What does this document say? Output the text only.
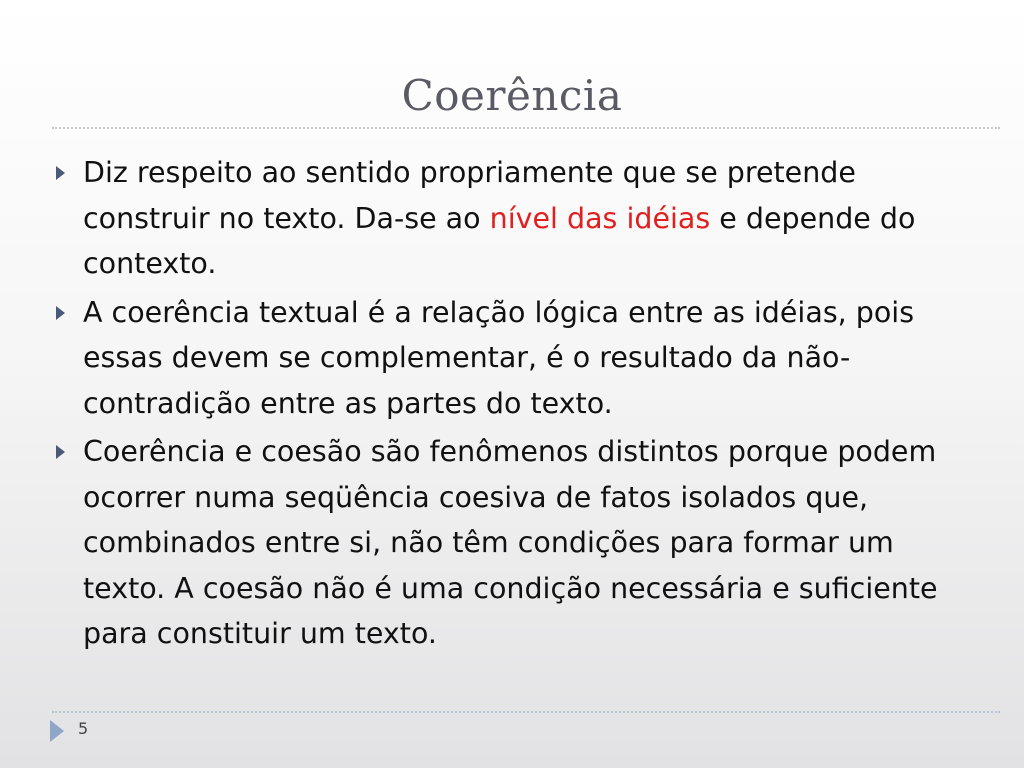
Coerência
Diz respeito ao sentido propriamente que se pretende construir no texto. Da-se ao nível das idéias e depende do contexto.
A coerência textual é a relação lógica entre as idéias, pois essas devem se complementar, é o resultado da não-contradição entre as partes do texto.
Coerência e coesão são fenômenos distintos porque podem ocorrer numa seqüência coesiva de fatos isolados que, combinados entre si, não têm condições para formar um texto. A coesão não é uma condição necessária e suficiente para constituir um texto.
5
